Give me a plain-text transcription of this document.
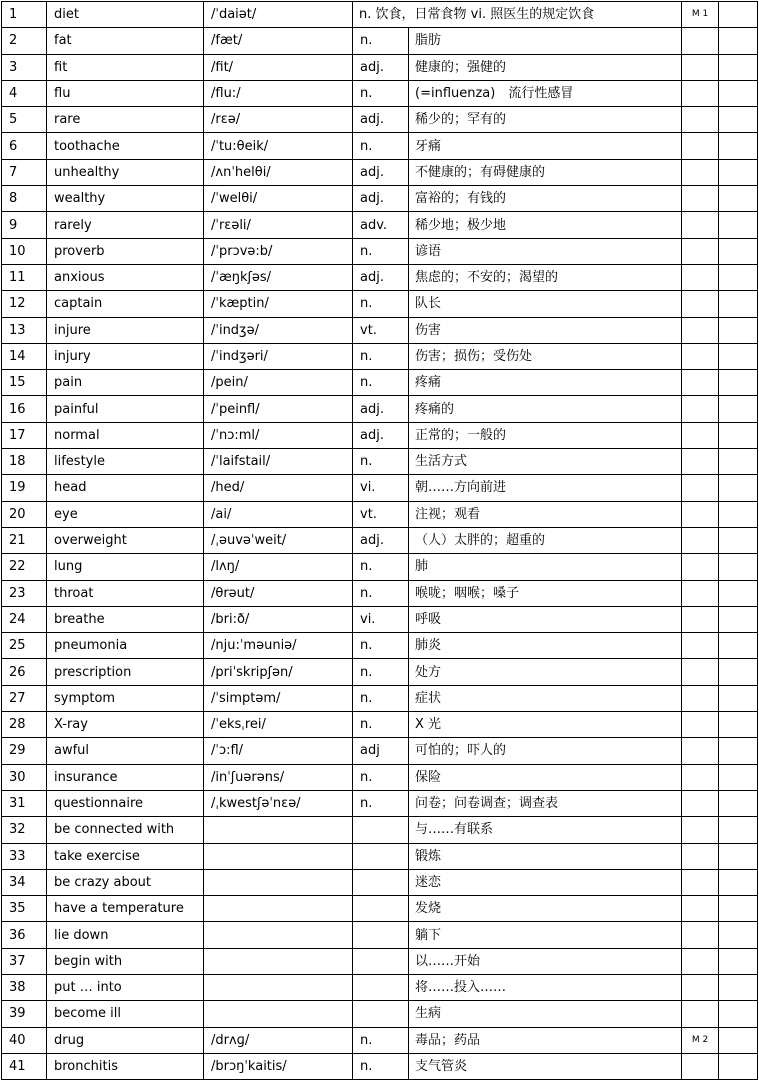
1	diet	/ˈdaiət/	n. 饮食，日常食物 vi. 照医生的规定饮食		M 1	
2	fat	/fæt/	n.	脂肪		
3	fit	/fit/	adj.	健康的；强健的		
4	flu	/flu:/	n.	(=influenza)　流行性感冒		
5	rare	/rεə/	adj.	稀少的；罕有的		
6	toothache	/ˈtu:θeik/	n.	牙痛		
7	unhealthy	/ʌnˈhelθi/	adj.	不健康的；有碍健康的		
8	wealthy	/ˈwelθi/	adj.	富裕的；有钱的		
9	rarely	/ˈrεəli/	adv.	稀少地；极少地		
10	proverb	/ˈprɔvə:b/	n.	谚语		
11	anxious	/ˈæŋkʃəs/	adj.	焦虑的；不安的；渴望的		
12	captain	/ˈkæptin/	n.	队长		
13	injure	/ˈindʒə/	vt.	伤害		
14	injury	/ˈindʒəri/	n.	伤害；损伤；受伤处		
15	pain	/pein/	n.	疼痛		
16	painful	/ˈpeinfl/	adj.	疼痛的		
17	normal	/ˈnɔ:ml/	adj.	正常的；一般的		
18	lifestyle	/ˈlaifstail/	n.	生活方式		
19	head	/hed/	vi.	朝……方向前进		
20	eye	/ai/	vt.	注视；观看		
21	overweight	/ˌəuvəˈweit/	adj.	（人）太胖的；超重的		
22	lung	/lʌŋ/	n.	肺		
23	throat	/θrəut/	n.	喉咙；咽喉；嗓子		
24	breathe	/bri:ð/	vi.	呼吸		
25	pneumonia	/nju:ˈməuniə/	n.	肺炎		
26	prescription	/priˈskripʃən/	n.	处方		
27	symptom	/ˈsimptəm/	n.	症状		
28	X-ray	/ˈeksˌrei/	n.	X 光		
29	awful	/ˈɔ:fl/	adj	可怕的；吓人的		
30	insurance	/inˈʃuərəns/	n.	保险		
31	questionnaire	/ˌkwestʃəˈnεə/	n.	问卷；问卷调查；调查表		
32	be connected with			与……有联系		
33	take exercise			锻炼		
34	be crazy about			迷恋		
35	have a temperature			发烧		
36	lie down			躺下		
37	begin with			以……开始		
38	put … into			将……投入……		
39	become ill			生病		
40	drug	/drʌɡ/	n.	毒品；药品	M 2	
41	bronchitis	/brɔŋˈkaitis/	n.	支气管炎		
